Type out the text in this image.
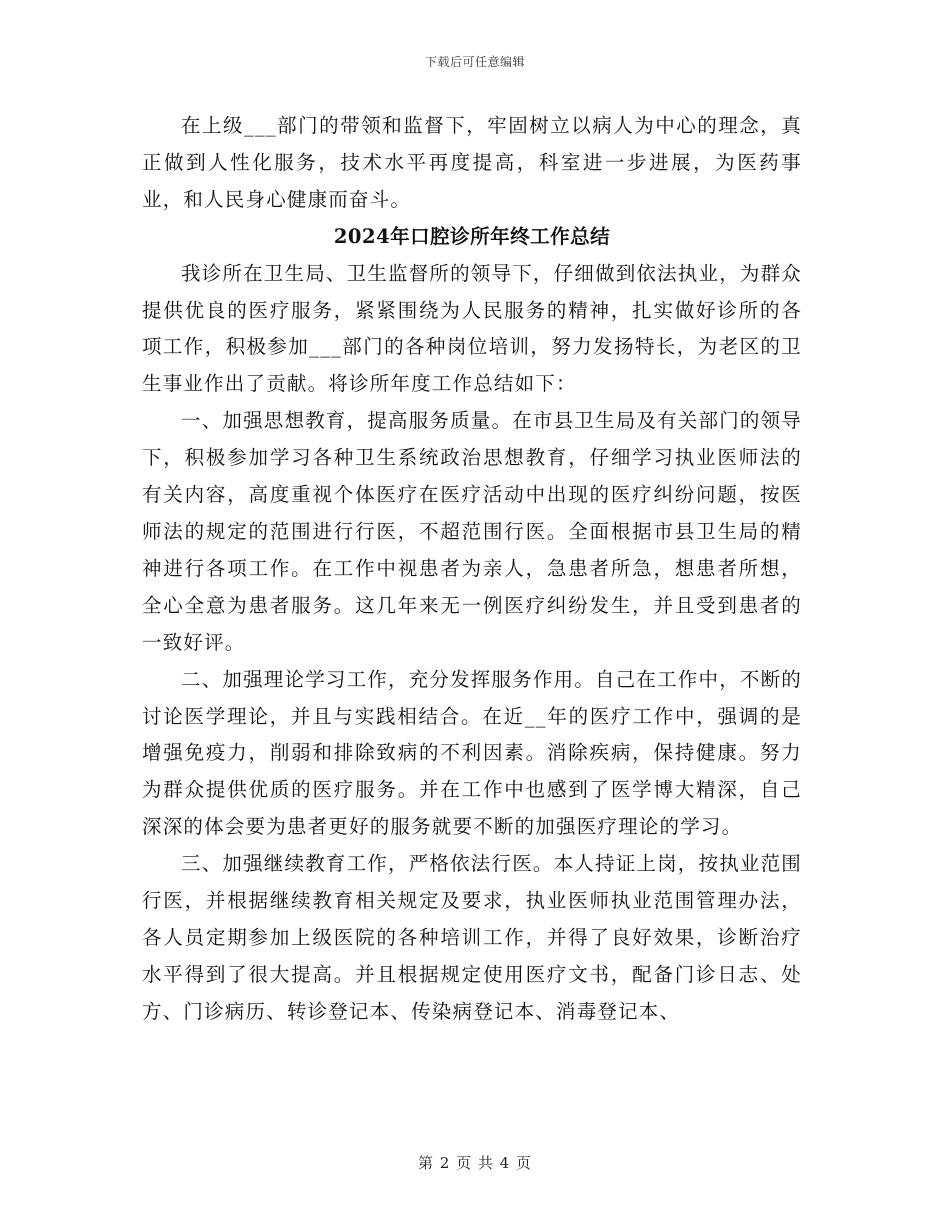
下载后可任意编辑

在上级___部门的带领和监督下，牢固树立以病人为中心的理念，真正做到人性化服务，技术水平再度提高，科室进一步进展，为医药事业，和人民身心健康而奋斗。

2024年口腔诊所年终工作总结

我诊所在卫生局、卫生监督所的领导下，仔细做到依法执业，为群众提供优良的医疗服务，紧紧围绕为人民服务的精神，扎实做好诊所的各项工作，积极参加___部门的各种岗位培训，努力发扬特长，为老区的卫生事业作出了贡献。将诊所年度工作总结如下：

一、加强思想教育，提高服务质量。在市县卫生局及有关部门的领导下，积极参加学习各种卫生系统政治思想教育，仔细学习执业医师法的有关内容，高度重视个体医疗在医疗活动中出现的医疗纠纷问题，按医师法的规定的范围进行行医，不超范围行医。全面根据市县卫生局的精神进行各项工作。在工作中视患者为亲人，急患者所急，想患者所想，全心全意为患者服务。这几年来无一例医疗纠纷发生，并且受到患者的一致好评。

二、加强理论学习工作，充分发挥服务作用。自己在工作中，不断的讨论医学理论，并且与实践相结合。在近__年的医疗工作中，强调的是增强免疫力，削弱和排除致病的不利因素。消除疾病，保持健康。努力为群众提供优质的医疗服务。并在工作中也感到了医学博大精深，自己深深的体会要为患者更好的服务就要不断的加强医疗理论的学习。

三、加强继续教育工作，严格依法行医。本人持证上岗，按执业范围行医，并根据继续教育相关规定及要求，执业医师执业范围管理办法，各人员定期参加上级医院的各种培训工作，并得了良好效果，诊断治疗水平得到了很大提高。并且根据规定使用医疗文书，配备门诊日志、处方、门诊病历、转诊登记本、传染病登记本、消毒登记本、

第 2 页 共 4 页
